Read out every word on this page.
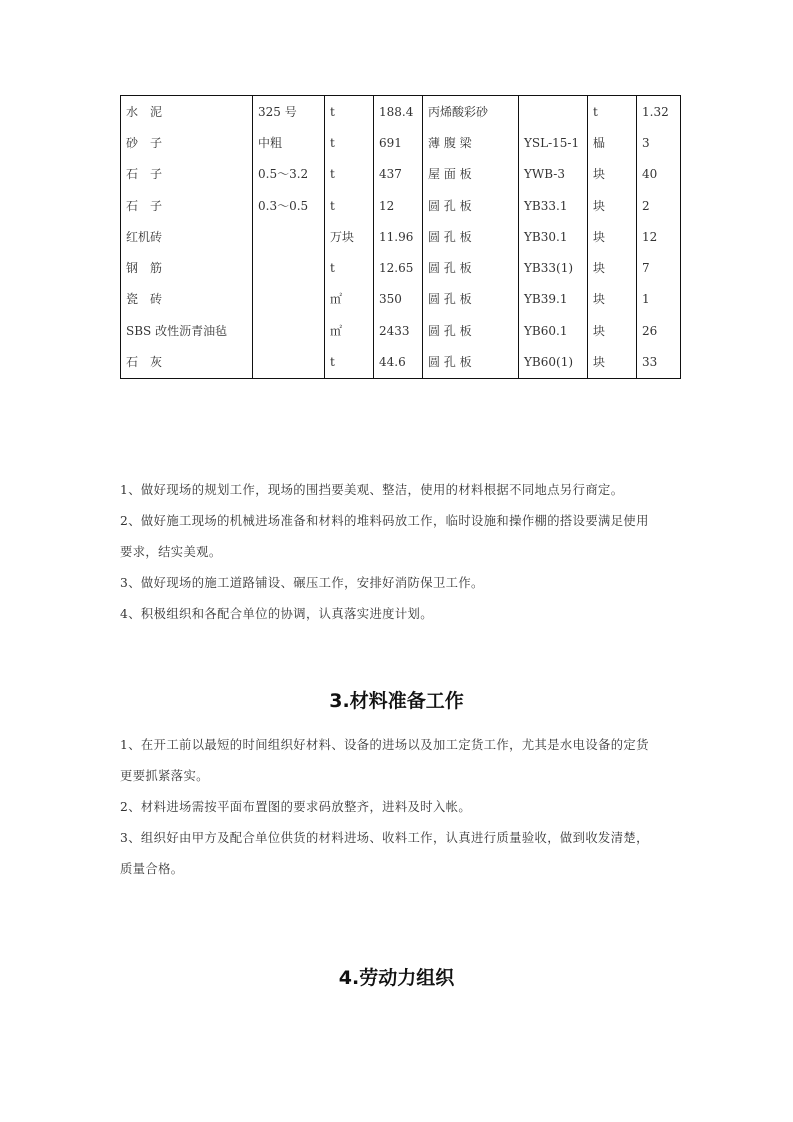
水　泥	325 号	t	188.4	丙烯酸彩砂		t	1.32
砂　子	中粗	t	691	薄 腹 梁	YSL-15-1	榀	3
石　子	0.5～3.2	t	437	屋 面 板	YWB-3	块	40
石　子	0.3～0.5	t	12	圆 孔 板	YB33.1	块	2
红机砖		万块	11.96	圆 孔 板	YB30.1	块	12
钢　筋		t	12.65	圆 孔 板	YB33(1)	块	7
瓷　砖		㎡	350	圆 孔 板	YB39.1	块	1
SBS 改性沥青油毡		㎡	2433	圆 孔 板	YB60.1	块	26
石　灰		t	44.6	圆 孔 板	YB60(1)	块	33

1、做好现场的规划工作，现场的围挡要美观、整洁，使用的材料根据不同地点另行商定。

2、做好施工现场的机械进场准备和材料的堆料码放工作，临时设施和操作棚的搭设要满足使用

要求，结实美观。

3、做好现场的施工道路铺设、碾压工作，安排好消防保卫工作。

4、积极组织和各配合单位的协调，认真落实进度计划。

3.材料准备工作

1、在开工前以最短的时间组织好材料、设备的进场以及加工定货工作，尤其是水电设备的定货

更要抓紧落实。

2、材料进场需按平面布置图的要求码放整齐，进料及时入帐。

3、组织好由甲方及配合单位供货的材料进场、收料工作，认真进行质量验收，做到收发清楚，

质量合格。

4.劳动力组织
